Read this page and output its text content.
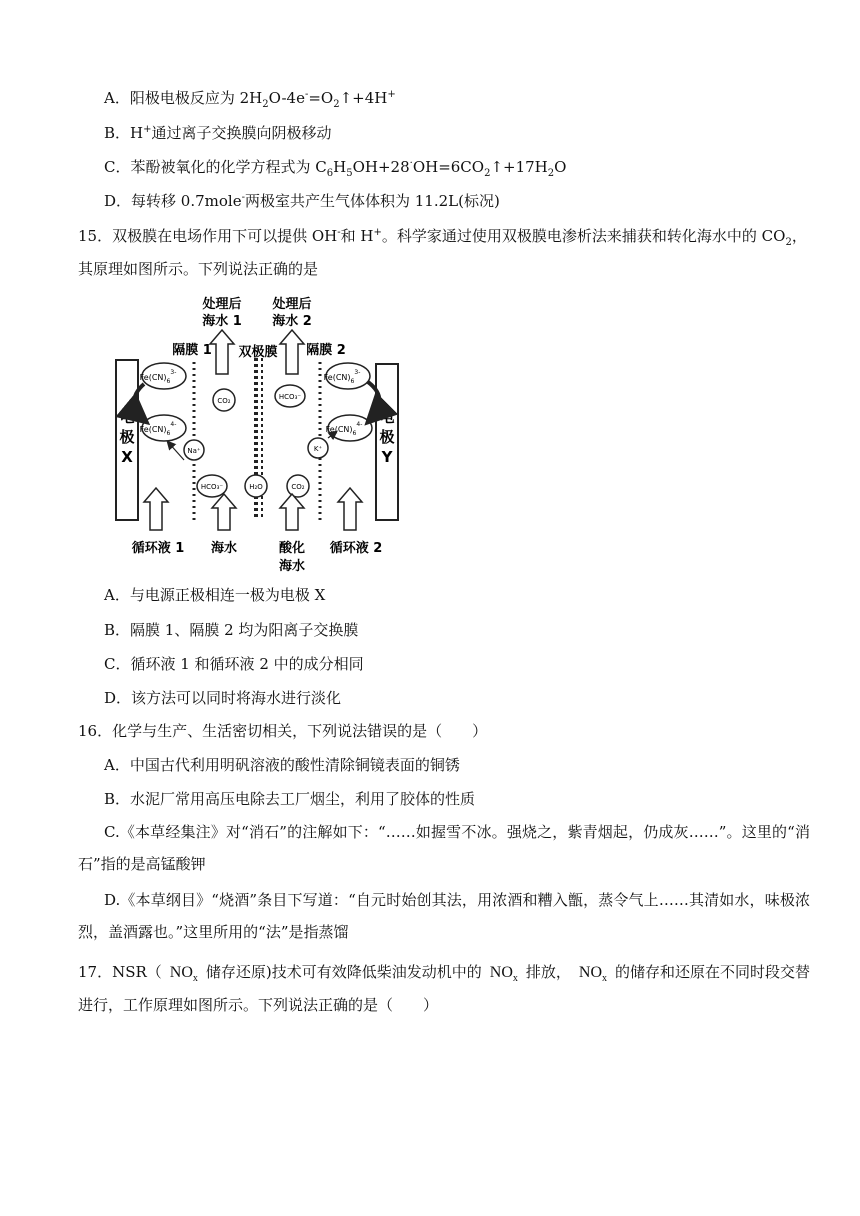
A．阳极电极反应为 $2H_2O-4e^-=O_2↑+4H^+$
B．H+通过离子交换膜向阴极移动
C．苯酚被氧化的化学方程式为 $C_6H_5OH+28^\cdot OH=6CO_2↑+17H_2O$
D．每转移 0.7mole-两极室共产生气体体积为 11.2L(标况)
15．双极膜在电场作用下可以提供 OH-和 H+。科学家通过使用双极膜电渗析法来捕获和转化海水中的 $CO_2$，
其原理如图所示。下列说法正确的是
电
极
X
电
极
Y
处理后
海水 1
处理后
海水 2
隔膜 1 双极膜 隔膜 2
$Fe(CN)_6^{3-}$
$Fe(CN)_6^{4-}$
$Fe(CN)_6^{3-}$
$Fe(CN)_6^{4-}$
CO₂	HCO₃⁻
Na⁺	K⁺
HCO₃⁻	H₂O	CO₂
循环液 1 海水	酸化
海水
循环液 2
A．与电源正极相连一极为电极 X
B．隔膜 1、隔膜 2 均为阳离子交换膜
C．循环液 1 和循环液 2 中的成分相同
D．该方法可以同时将海水进行淡化
16．化学与生产、生活密切相关，下列说法错误的是（　　）
A．中国古代利用明矾溶液的酸性清除铜镜表面的铜锈
B．水泥厂常用高压电除去工厂烟尘，利用了胶体的性质
C.《本草经集注》对“消石”的注解如下：“……如握雪不冰。强烧之，紫青烟起，仍成灰……”。这里的“消石”指的是高锰酸钾
D.《本草纲目》“烧酒”条目下写道：“自元时始创其法，用浓酒和糟入甑，蒸令气上……其清如水，味极浓烈，盖酒露也。”这里所用的“法”是指蒸馏
17．NSR（ $NO_x$ 储存还原)技术可有效降低柴油发动机中的 $NO_x$ 排放， $NO_x$ 的储存和还原在不同时段交替进行，工作原理如图所示。下列说法正确的是（　　）
